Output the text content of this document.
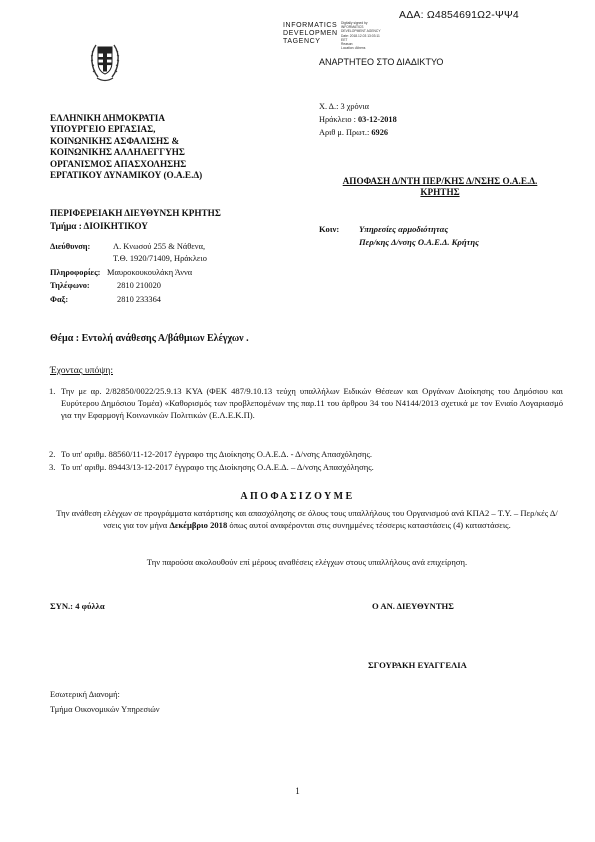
ΑΔΑ: Ω4854691Ω2-ΨΨ4
INFORMATICS
DEVELOPMEN
TAGENCY
Digitally signed by
INFORMATICS
DEVELOPMENT AGENCY
Date: 2018.12.03 13:03:11
EET
Reason:
Location: Athens
ΑΝΑΡΤΗΤΕΟ ΣΤΟ ΔΙΑΔΙΚΤΥΟ
ΕΛΛΗΝΙΚΗ ΔΗΜΟΚΡΑΤΙΑ
ΥΠΟΥΡΓΕΙΟ ΕΡΓΑΣΙΑΣ,
ΚΟΙΝΩΝΙΚΗΣ ΑΣΦΑΛΙΣΗΣ &
ΚΟΙΝΩΝΙΚΗΣ ΑΛΛΗΛΕΓΓΥΗΣ
ΟΡΓΑΝΙΣΜΟΣ ΑΠΑΣΧΟΛΗΣΗΣ
ΕΡΓΑΤΙΚΟΥ ΔΥΝΑΜΙΚΟΥ (Ο.Α.Ε.Δ)
ΠΕΡΙΦΕΡΕΙΑΚΗ ΔΙΕΥΘΥΝΣΗ ΚΡΗΤΗΣ
Τμήμα : ΔΙΟΙΚΗΤΙΚΟΥ
Χ. Δ.: 3 χρόνια
Ηράκλειο : 03-12-2018
Αριθ μ. Πρωτ.: 6926
ΑΠΟΦΑΣΗ Δ/ΝΤΗ ΠΕΡ/ΚΗΣ Δ/ΝΣΗΣ Ο.Α.Ε.Δ.
ΚΡΗΤΗΣ
Κοιν: Υπηρεσίες αρμοδιότητας
Περ/κης Δ/νσης Ο.Α.Ε.Δ. Κρήτης
Διεύθυνση:	Λ. Κνωσού 255 & Νάθενα,
Τ.Θ. 1920/71409, Ηράκλειο
Πληροφορίες: Μαυροκουκουλάκη Άννα
Τηλέφωνο:	2810 210020
Φαξ:	2810 233364
Θέμα : Εντολή ανάθεσης Α/βάθμιων Ελέγχων .
Έχοντας υπόψη:
1. Την με αρ. 2/82850/0022/25.9.13 ΚΥΑ (ΦΕΚ 487/9.10.13 τεύχη υπαλλήλων Ειδικών Θέσεων και Οργάνων Διοίκησης του Δημόσιου και Ευρύτερου Δημόσιου Τομέα) «Καθορισμός των προβλεπομένων της παρ.11 του άρθρου 34 του Ν4144/2013 σχετικά με τον Ενιαίο Λογαριασμό για την Εφαρμογή Κοινωνικών Πολιτικών (Ε.Λ.Ε.Κ.Π).
2. Το υπ' αριθμ. 88560/11-12-2017 έγγραφο της Διοίκησης Ο.Α.Ε.Δ. - Δ/νσης Απασχόλησης.
3. Το υπ' αριθμ. 89443/13-12-2017 έγγραφο της Διοίκησης Ο.Α.Ε.Δ. – Δ/νσης Απασχόλησης.
ΑΠΟΦΑΣΙΖΟΥΜΕ
Την ανάθεση ελέγχων σε προγράμματα κατάρτισης και απασχόλησης σε όλους τους υπαλλήλους του Οργανισμού ανά ΚΠΑ2 – Τ.Υ. – Περ/κές Δ/νσεις για τον μήνα Δεκέμβριο 2018 όπως αυτοί αναφέρονται στις συνημμένες τέσσερις καταστάσεις (4) καταστάσεις.
Την παρούσα ακολουθούν επί μέρους αναθέσεις ελέγχων στους υπαλλήλους ανά επιχείρηση.
ΣΥΝ.: 4 φύλλα	Ο ΑΝ. ΔΙΕΥΘΥΝΤΗΣ
ΣΓΟΥΡΑΚΗ ΕΥΑΓΓΕΛΙΑ
Εσωτερική Διανομή:
Τμήμα Οικονομικών Υπηρεσιών
1
